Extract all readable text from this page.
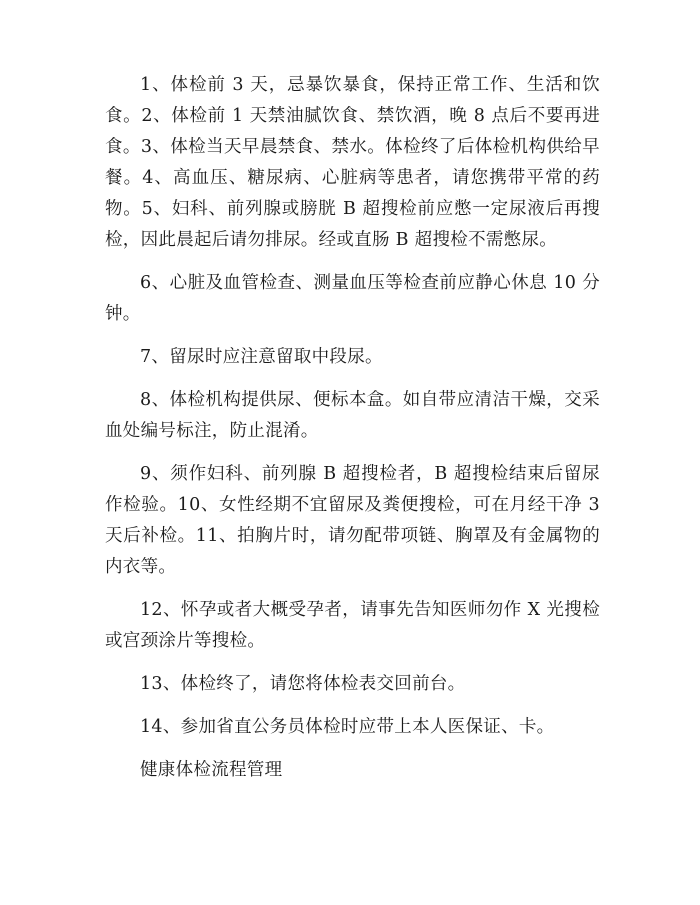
1、体检前 3 天，忌暴饮暴食，保持正常工作、生活和饮食。2、体检前 1 天禁油腻饮食、禁饮酒，晚 8 点后不要再进食。3、体检当天早晨禁食、禁水。体检终了后体检机构供给早餐。4、高血压、糖尿病、心脏病等患者，请您携带平常的药物。5、妇科、前列腺或膀胱 B 超搜检前应憋一定尿液后再搜检，因此晨起后请勿排尿。经或直肠 B 超搜检不需憋尿。

6、心脏及血管检查、测量血压等检查前应静心休息 10 分钟。

7、留尿时应注意留取中段尿。

8、体检机构提供尿、便标本盒。如自带应清洁干燥，交采血处编号标注，防止混淆。

9、须作妇科、前列腺 B 超搜检者，B 超搜检结束后留尿作检验。10、女性经期不宜留尿及粪便搜检，可在月经干净 3 天后补检。11、拍胸片时，请勿配带项链、胸罩及有金属物的内衣等。

12、怀孕或者大概受孕者，请事先告知医师勿作 X 光搜检或宫颈涂片等搜检。

13、体检终了，请您将体检表交回前台。

14、参加省直公务员体检时应带上本人医保证、卡。

健康体检流程管理
